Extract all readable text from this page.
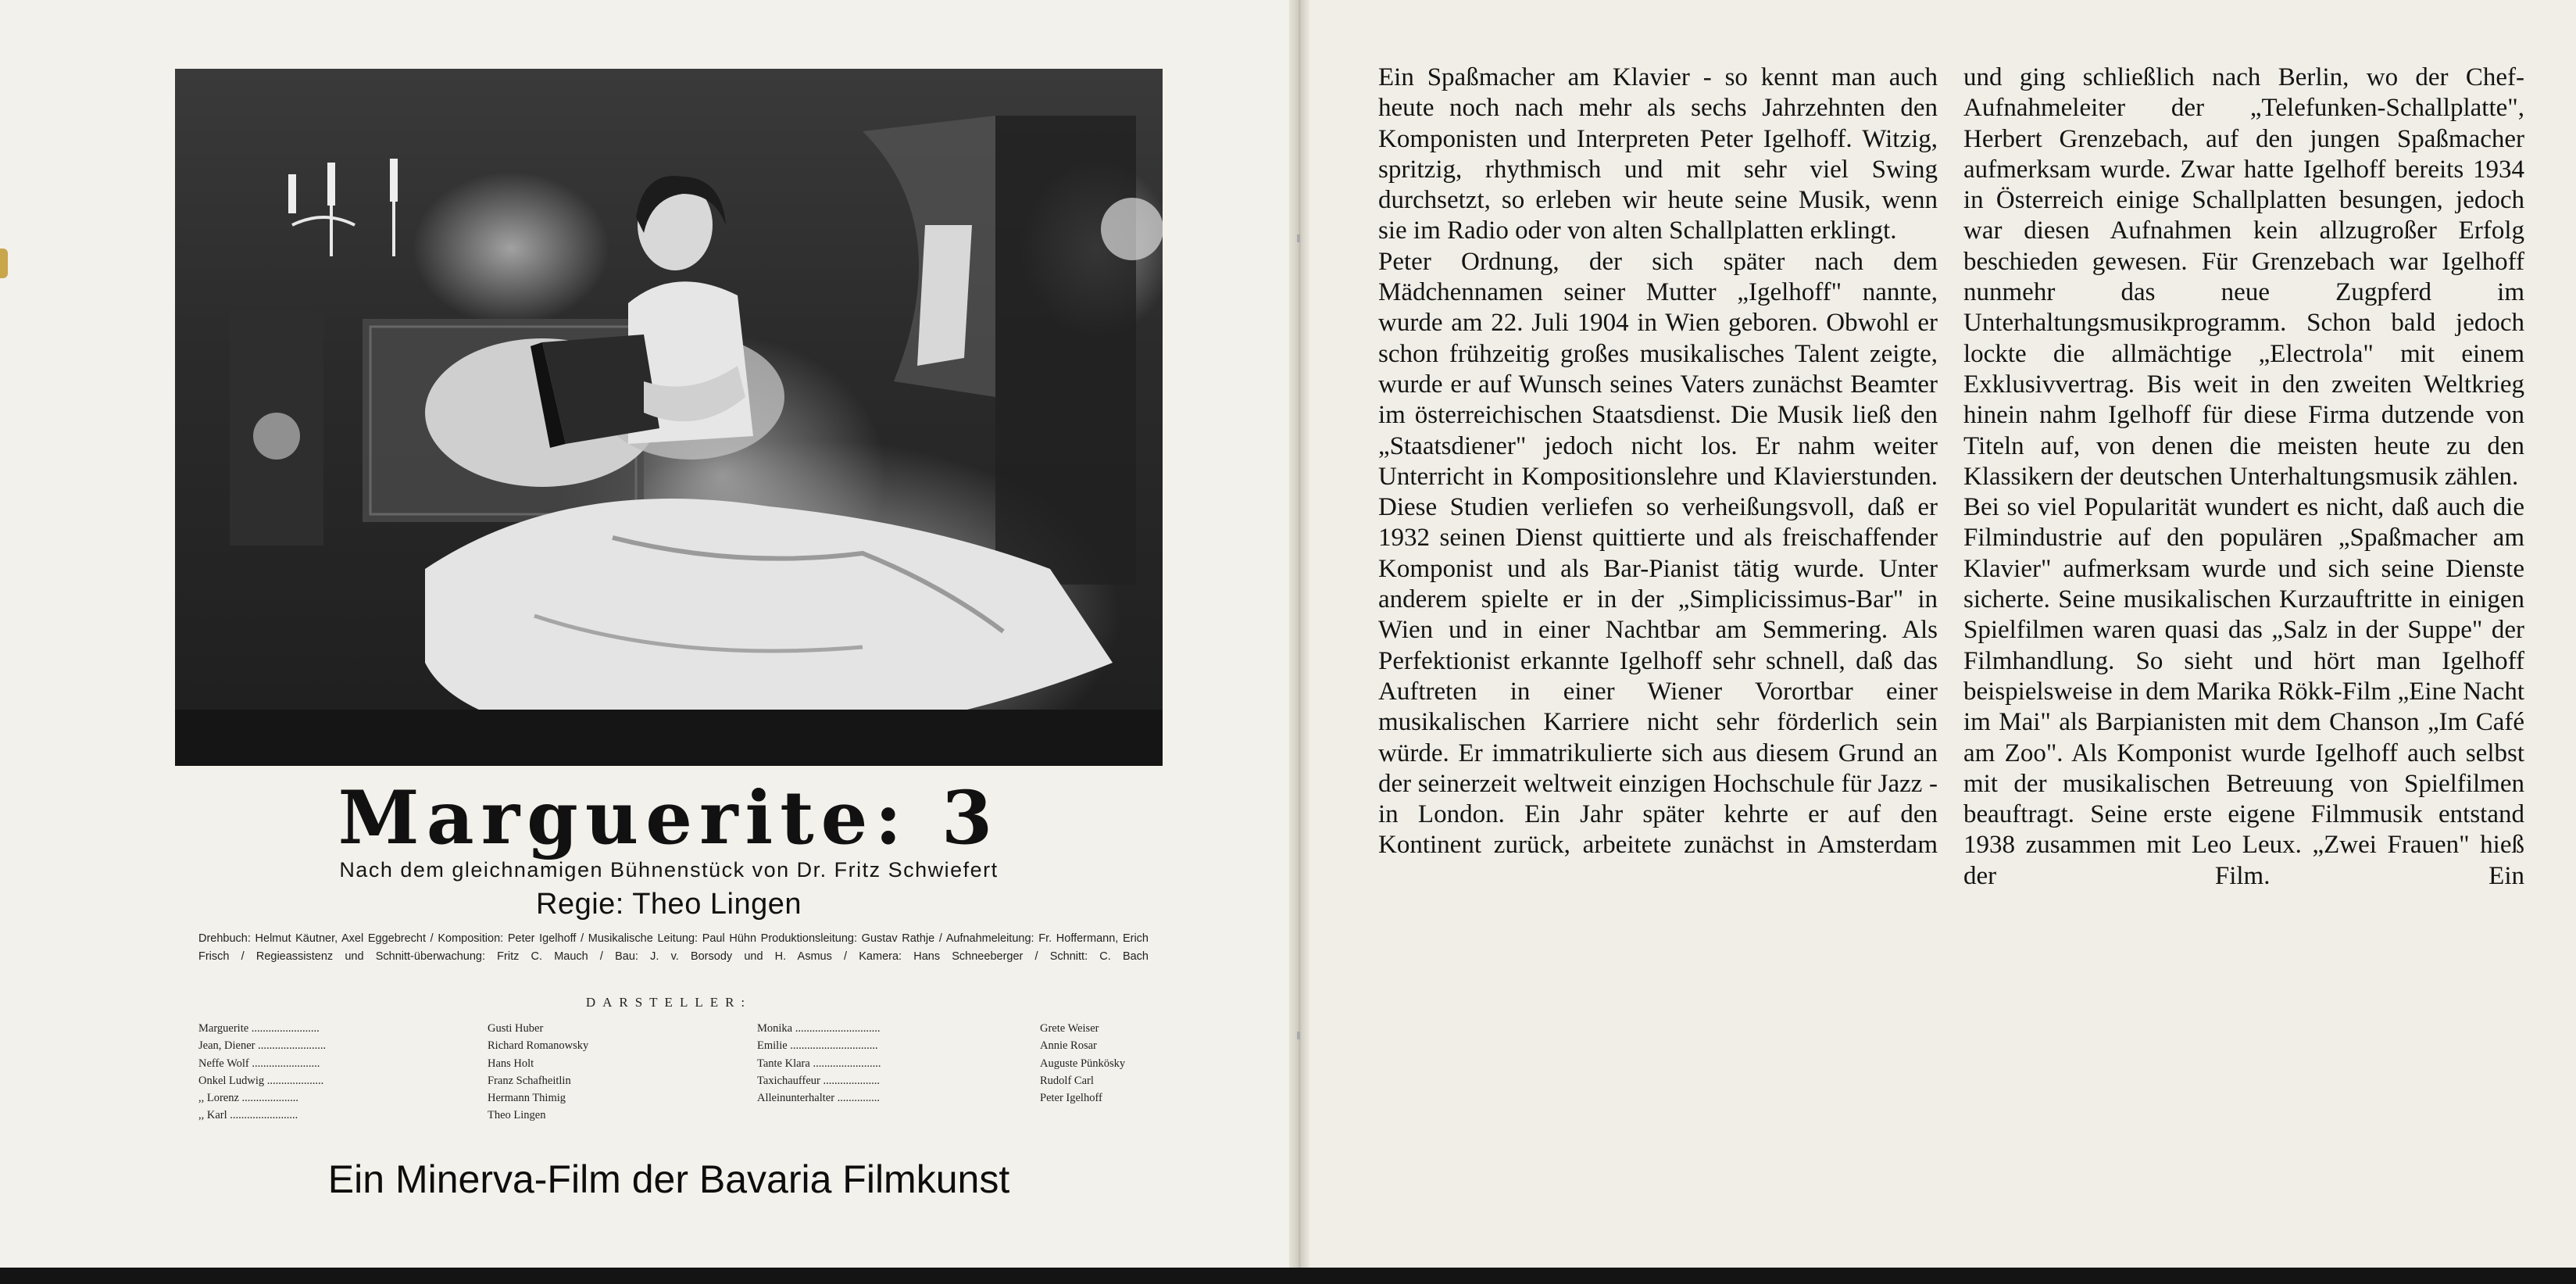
Marguerite: 3
Nach dem gleichnamigen Bühnenstück von Dr. Fritz Schwiefert
Regie: Theo Lingen
Drehbuch: Helmut Käutner, Axel Eggebrecht / Komposition: Peter Igelhoff / Musikalische Leitung: Paul Hühn Produktionsleitung: Gustav Rathje / Aufnahmeleitung: Fr. Hoffermann, Erich Frisch / Regieassistenz und Schnitt-überwachung: Fritz C. Mauch / Bau: J. v. Borsody und H. Asmus / Kamera: Hans Schneeberger / Schnitt: C. Bach
DARSTELLER:
Marguerite ........................
Jean, Diener ........................
Neffe Wolf ........................
Onkel Ludwig ....................
,, Lorenz ....................
,, Karl ........................
Gusti Huber
Richard Romanowsky
Hans Holt
Franz Schafheitlin
Hermann Thimig
Theo Lingen
Monika ..............................
Emilie ...............................
Tante Klara ........................
Taxichauffeur ....................
Alleinunterhalter ...............
Grete Weiser
Annie Rosar
Auguste Pünkösky
Rudolf Carl
Peter Igelhoff
Ein Minerva-Film der Bavaria Filmkunst

Ein Spaßmacher am Klavier - so kennt man auch heute noch nach mehr als sechs Jahrzehnten den Komponisten und Interpreten Peter Igelhoff. Witzig, spritzig, rhythmisch und mit sehr viel Swing durchsetzt, so erleben wir heute seine Musik, wenn sie im Radio oder von alten Schallplatten erklingt.

Peter Ordnung, der sich später nach dem Mädchennamen seiner Mutter „Igelhoff" nannte, wurde am 22. Juli 1904 in Wien geboren. Obwohl er schon frühzeitig großes musikalisches Talent zeigte, wurde er auf Wunsch seines Vaters zunächst Beamter im österreichischen Staatsdienst. Die Musik ließ den „Staatsdiener" jedoch nicht los. Er nahm weiter Unterricht in Kompositionslehre und Klavierstunden. Diese Studien verliefen so verheißungsvoll, daß er 1932 seinen Dienst quittierte und als freischaffender Komponist und als Bar-Pianist tätig wurde. Unter anderem spielte er in der „Simplicissimus-Bar" in Wien und in einer Nachtbar am Semmering. Als Perfektionist erkannte Igelhoff sehr schnell, daß das Auftreten in einer Wiener Vorortbar einer musikalischen Karriere nicht sehr förderlich sein würde. Er immatrikulierte sich aus diesem Grund an der seinerzeit weltweit einzigen Hochschule für Jazz - in London. Ein Jahr später kehrte er auf den Kontinent zurück, arbeitete zunächst in Amsterdam

und ging schließlich nach Berlin, wo der Chef-Aufnahmeleiter der „Telefunken-Schallplatte", Herbert Grenzebach, auf den jungen Spaßmacher aufmerksam wurde. Zwar hatte Igelhoff bereits 1934 in Österreich einige Schallplatten besungen, jedoch war diesen Aufnahmen kein allzugroßer Erfolg beschieden gewesen. Für Grenzebach war Igelhoff nunmehr das neue Zugpferd im Unterhaltungsmusikprogramm. Schon bald jedoch lockte die allmächtige „Electrola" mit einem Exklusivvertrag. Bis weit in den zweiten Weltkrieg hinein nahm Igelhoff für diese Firma dutzende von Titeln auf, von denen die meisten heute zu den Klassikern der deutschen Unterhaltungsmusik zählen.

Bei so viel Popularität wundert es nicht, daß auch die Filmindustrie auf den populären „Spaßmacher am Klavier" aufmerksam wurde und sich seine Dienste sicherte. Seine musikalischen Kurzauftritte in einigen Spielfilmen waren quasi das „Salz in der Suppe" der Filmhandlung. So sieht und hört man Igelhoff beispielsweise in dem Marika Rökk-Film „Eine Nacht im Mai" als Barpianisten mit dem Chanson „Im Café am Zoo". Als Komponist wurde Igelhoff auch selbst mit der musikalischen Betreuung von Spielfilmen beauftragt. Seine erste eigene Filmmusik entstand 1938 zusammen mit Leo Leux. „Zwei Frauen" hieß der Film. Ein
